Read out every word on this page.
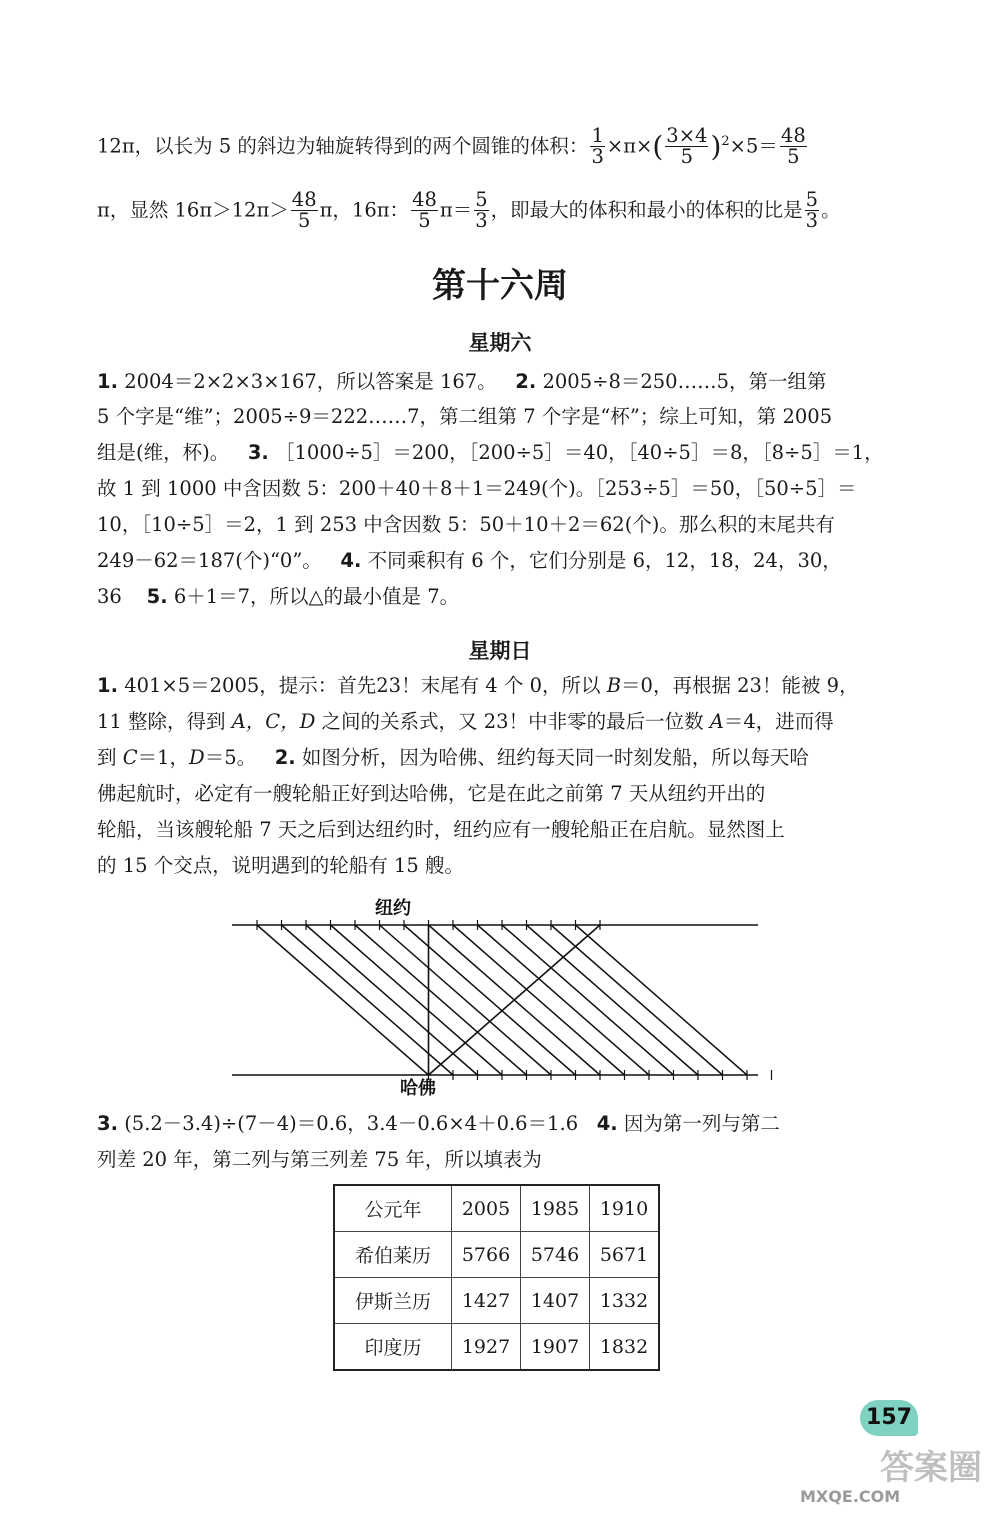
12π，以长为 5 的斜边为轴旋转得到的两个圆锥的体积： $\frac{1}{3} \times\pi\times( \frac{3\times 4}{5} )^2\times 5= \frac{48}{5}$
π，显然 $16\pi>12\pi> \frac{48}{5}$ π，16π： $\frac{48}{5} \pi= \frac{5}{3}$ ，即最大的体积和最小的体积的比是 $\frac{5}{3}$ 。
第十六周
星期六
1. 2004＝2×2×3×167，所以答案是 167。 2. 2005÷8＝250……5，第一组第
5 个字是“维”；2005÷9＝222……7，第二组第 7 个字是“杯”；综上可知，第 2005
组是(维，杯)。 3. ［1000÷5］＝200，［200÷5］＝40，［40÷5］＝8，［8÷5］＝1，
故 1 到 1000 中含因数 5：200＋40＋8＋1＝249(个)。［253÷5］＝50，［50÷5］＝
10，［10÷5］＝2，1 到 253 中含因数 5：50＋10＋2＝62(个)。那么积的末尾共有
249－62＝187(个)“0”。 4. 不同乘积有 6 个，它们分别是 6，12，18，24，30，
36 5. 6＋1＝7，所以△的最小值是 7。
星期日
1. 401×5＝2005，提示：首先23！末尾有 4 个 0，所以 B＝0，再根据 23！能被 9，
11 整除，得到 A，C，D 之间的关系式，又 23！中非零的最后一位数 A＝4，进而得
到 C＝1，D＝5。 2. 如图分析，因为哈佛、纽约每天同一时刻发船，所以每天哈
佛起航时，必定有一艘轮船正好到达哈佛，它是在此之前第 7 天从纽约开出的
轮船，当该艘轮船 7 天之后到达纽约时，纽约应有一艘轮船正在启航。显然图上
的 15 个交点，说明遇到的轮船有 15 艘。
纽约
哈佛
3. (5.2－3.4)÷(7－4)＝0.6，3.4－0.6×4＋0.6＝1.6 4. 因为第一列与第二
列差 20 年，第二列与第三列差 75 年，所以填表为
公元年	2005	1985	1910
希伯莱历	5766	5746	5671
伊斯兰历	1427	1407	1332
印度历	1927	1907	1832
157
答案圈
MXQE.COM
